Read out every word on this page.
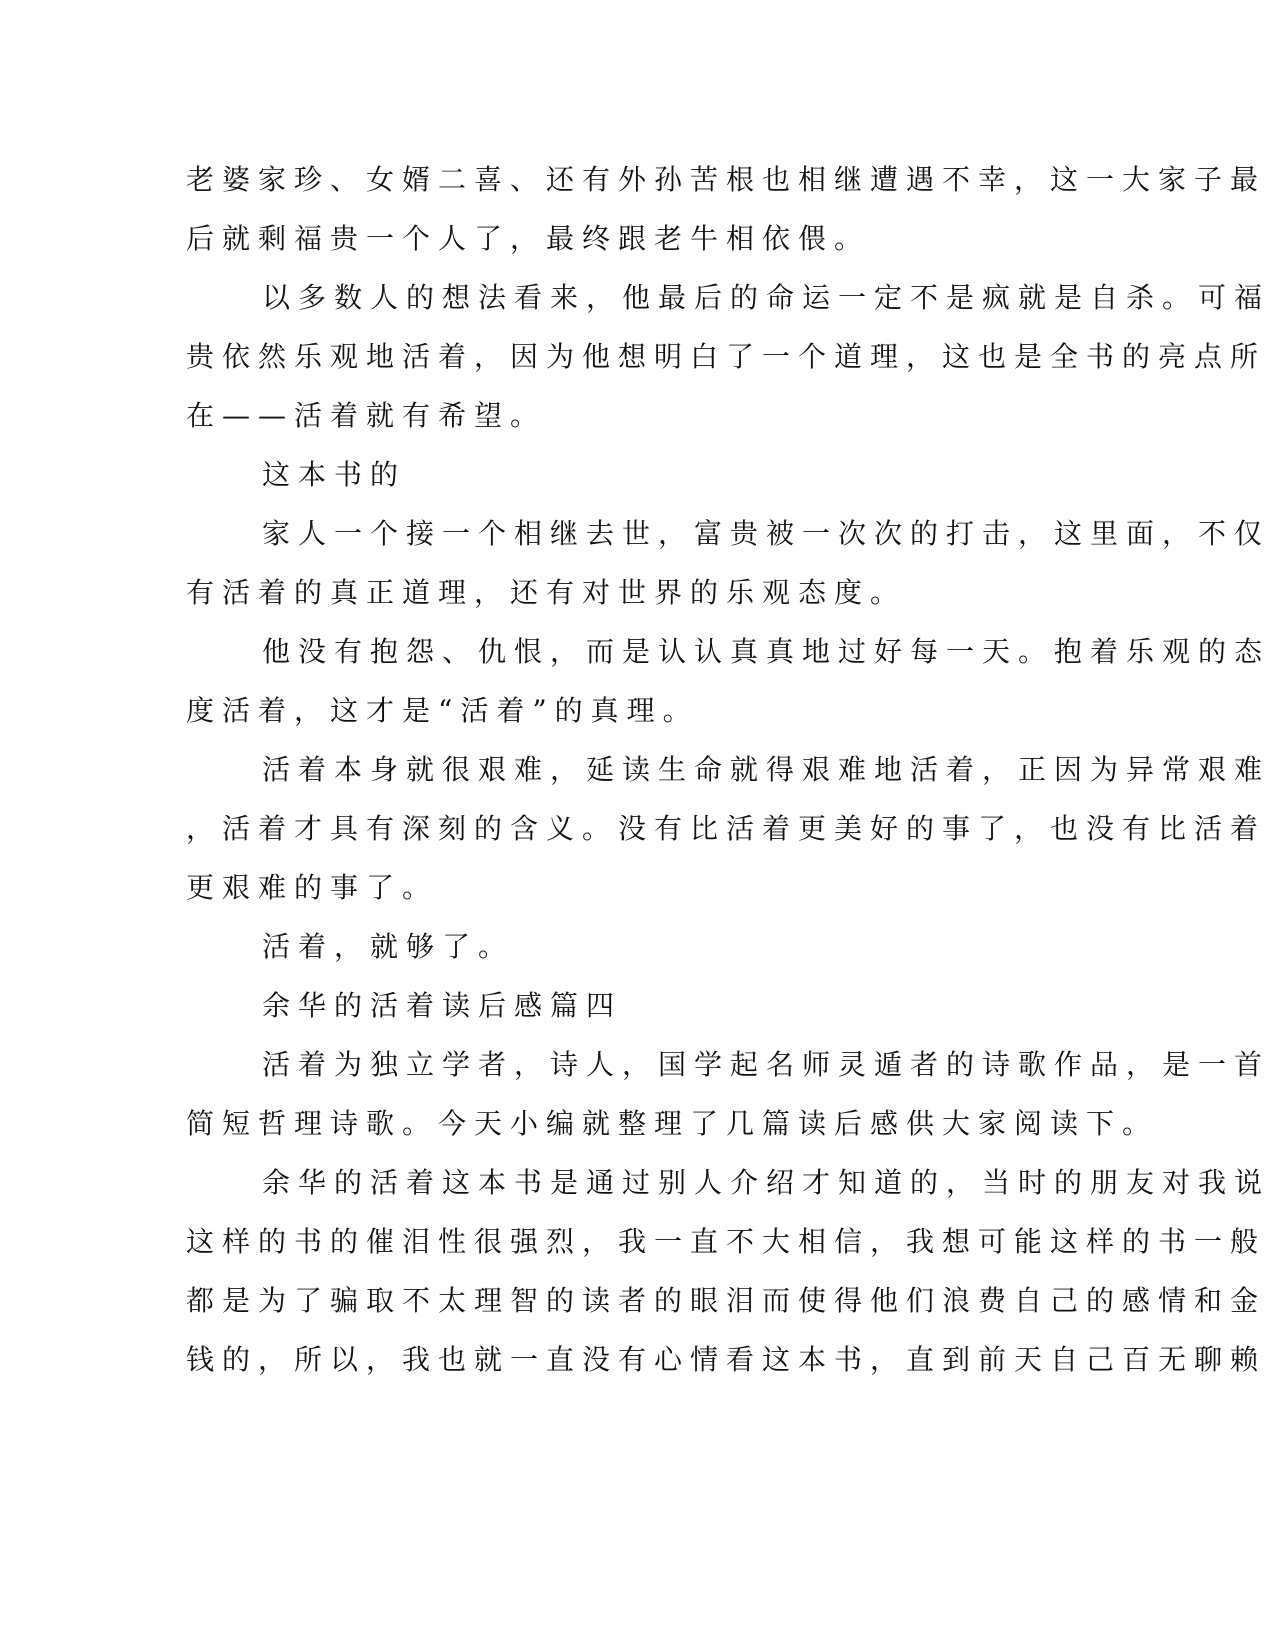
老婆家珍、女婿二喜、还有外孙苦根也相继遭遇不幸，这一大家子最
后就剩福贵一个人了，最终跟老牛相依偎。
以多数人的想法看来，他最后的命运一定不是疯就是自杀。可福
贵依然乐观地活着，因为他想明白了一个道理，这也是全书的亮点所
在——活着就有希望。
这本书的
家人一个接一个相继去世，富贵被一次次的打击，这里面，不仅
有活着的真正道理，还有对世界的乐观态度。
他没有抱怨、仇恨，而是认认真真地过好每一天。抱着乐观的态
度活着，这才是“活着”的真理。
活着本身就很艰难，延读生命就得艰难地活着，正因为异常艰难
，活着才具有深刻的含义。没有比活着更美好的事了，也没有比活着
更艰难的事了。
活着，就够了。
余华的活着读后感篇四
活着为独立学者，诗人，国学起名师灵遁者的诗歌作品，是一首
简短哲理诗歌。今天小编就整理了几篇读后感供大家阅读下。
余华的活着这本书是通过别人介绍才知道的，当时的朋友对我说
这样的书的催泪性很强烈，我一直不大相信，我想可能这样的书一般
都是为了骗取不太理智的读者的眼泪而使得他们浪费自己的感情和金
钱的，所以，我也就一直没有心情看这本书，直到前天自己百无聊赖
